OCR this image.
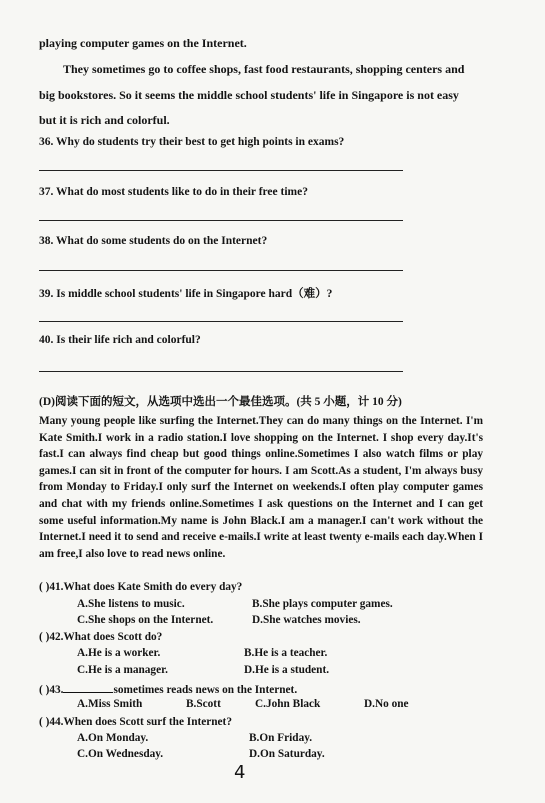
playing computer games on the Internet.
They sometimes go to coffee shops, fast food restaurants, shopping centers and
big bookstores. So it seems the middle school students' life in Singapore is not easy
but it is rich and colorful.
36. Why do students try their best to get high points in exams?
37. What do most students like to do in their free time?
38. What do some students do on the Internet?
39. Is middle school students' life in Singapore hard（难）?
40. Is their life rich and colorful?
(D)阅读下面的短文，从选项中选出一个最佳选项。(共 5 小题，计 10 分)
Many young people like surfing the Internet.They can do many things on the Internet. I'm Kate Smith.I work in a radio station.I love shopping on the Internet. I shop every day.It's fast.I can always find cheap but good things online.Sometimes I also watch films or play games.I can sit in front of the computer for hours. I am Scott.As a student, I'm always busy from Monday to Friday.I only surf the Internet on weekends.I often play computer games and chat with my friends online.Sometimes I ask questions on the Internet and I can get some useful information.My name is John Black.I am a manager.I can't work without the Internet.I need it to send and receive e-mails.I write at least twenty e-mails each day.When I am free,I also love to read news online.
( )41.What does Kate Smith do every day?
A.She listens to music.	B.She plays computer games.
C.She shops on the Internet.	D.She watches movies.
( )42.What does Scott do?
A.He is a worker.	B.He is a teacher.
C.He is a manager.	D.He is a student.
( )43.	sometimes reads news on the Internet.
A.Miss Smith	B.Scott	C.John Black	D.No one
( )44.When does Scott surf the Internet?
A.On Monday.	B.On Friday.
C.On Wednesday.	D.On Saturday.
4
